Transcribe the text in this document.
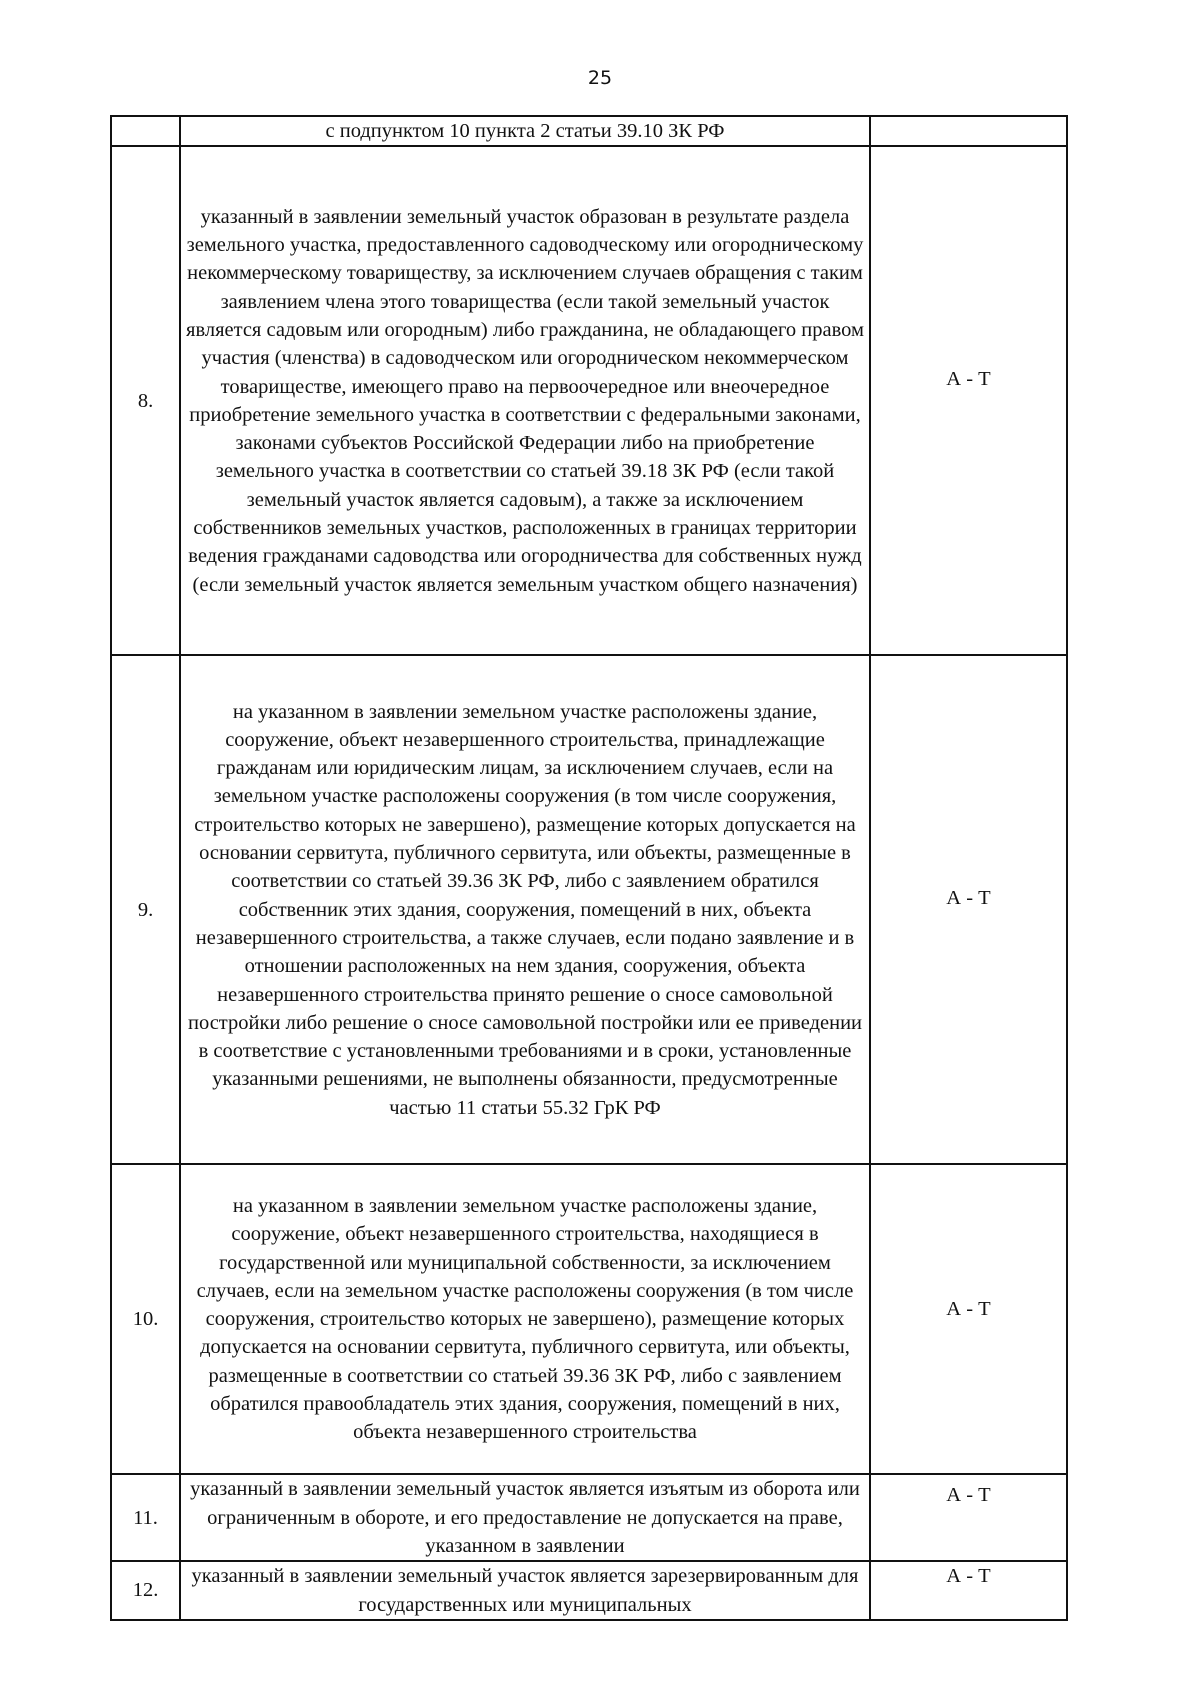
25
	с подпунктом 10 пункта 2 статьи 39.10 ЗК РФ	
8.	указанный в заявлении земельный участок образован в результате раздела земельного участка, предоставленного садоводческому или огородническому некоммерческому товариществу, за исключением случаев обращения с таким заявлением члена этого товарищества (если такой земельный участок является садовым или огородным) либо гражданина, не обладающего правом участия (членства) в садоводческом или огородническом некоммерческом товариществе, имеющего право на первоочередное или внеочередное приобретение земельного участка в соответствии с федеральными законами, законами субъектов Российской Федерации либо на приобретение земельного участка в соответствии со статьей 39.18 ЗК РФ (если такой земельный участок является садовым), а также за исключением собственников земельных участков, расположенных в границах территории ведения гражданами садоводства или огородничества для собственных нужд (если земельный участок является земельным участком общего назначения)	А - Т
9.	на указанном в заявлении земельном участке расположены здание, сооружение, объект незавершенного строительства, принадлежащие гражданам или юридическим лицам, за исключением случаев, если на земельном участке расположены сооружения (в том числе сооружения, строительство которых не завершено), размещение которых допускается на основании сервитута, публичного сервитута, или объекты, размещенные в соответствии со статьей 39.36 ЗК РФ, либо с заявлением обратился собственник этих здания, сооружения, помещений в них, объекта незавершенного строительства, а также случаев, если подано заявление и в отношении расположенных на нем здания, сооружения, объекта незавершенного строительства принято решение о сносе самовольной постройки либо решение о сносе самовольной постройки или ее приведении в соответствие с установленными требованиями и в сроки, установленные указанными решениями, не выполнены обязанности, предусмотренные частью 11 статьи 55.32 ГрК РФ	А - Т
10.	на указанном в заявлении земельном участке расположены здание, сооружение, объект незавершенного строительства, находящиеся в государственной или муниципальной собственности, за исключением случаев, если на земельном участке расположены сооружения (в том числе сооружения, строительство которых не завершено), размещение которых допускается на основании сервитута, публичного сервитута, или объекты, размещенные в соответствии со статьей 39.36 ЗК РФ, либо с заявлением обратился правообладатель этих здания, сооружения, помещений в них, объекта незавершенного строительства	А - Т
11.	указанный в заявлении земельный участок является изъятым из оборота или ограниченным в обороте, и его предоставление не допускается на праве, указанном в заявлении	А - Т
12.	указанный в заявлении земельный участок является зарезервированным для государственных или муниципальных	А - Т
